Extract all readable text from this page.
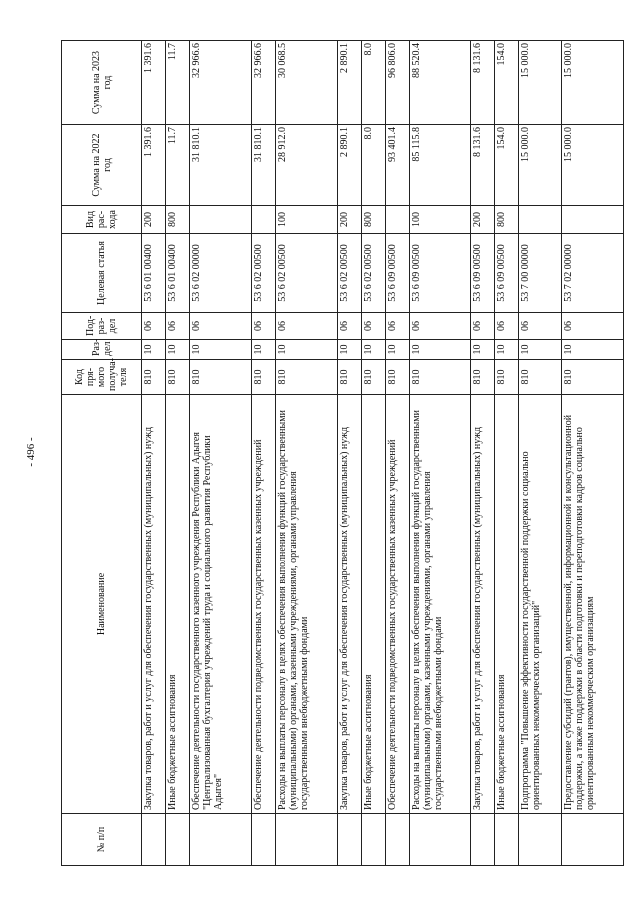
- 496 -
№ п/п	Наименование	Код пря-мого получа-теля	Раз-дел	Под-раз-дел	Целевая статья	Вид рас-хода	Сумма на 2022 год	Сумма на 2023 год
	Закупка товаров, работ и услуг для обеспечения государственных (муниципальных) нужд	810	10	06	53 6 01 00400	200	1 391.6	1 391.6
	Иные бюджетные ассигнования	810	10	06	53 6 01 00400	800	11.7	11.7
	Обеспечение деятельности государственного казенного учреждения Республики Адыгея "Централизованная бухгалтерия учреждений труда и социального развития Республики Адыгея"	810	10	06	53 6 02 00000		31 810.1	32 966.6
	Обеспечение деятельности подведомственных государственных казенных учреждений	810	10	06	53 6 02 00500		31 810.1	32 966.6
	Расходы на выплаты персоналу в целях обеспечения выполнения функций государственными (муниципальными) органами, казенными учреждениями, органами управления государственными внебюджетными фондами	810	10	06	53 6 02 00500	100	28 912.0	30 068.5
	Закупка товаров, работ и услуг для обеспечения государственных (муниципальных) нужд	810	10	06	53 6 02 00500	200	2 890.1	2 890.1
	Иные бюджетные ассигнования	810	10	06	53 6 02 00500	800	8.0	8.0
	Обеспечение деятельности подведомственных государственных казенных учреждений	810	10	06	53 6 09 00500		93 401.4	96 806.0
	Расходы на выплаты персоналу в целях обеспечения выполнения функций государственными (муниципальными) органами, казенными учреждениями, органами управления государственными внебюджетными фондами	810	10	06	53 6 09 00500	100	85 115.8	88 520.4
	Закупка товаров, работ и услуг для обеспечения государственных (муниципальных) нужд	810	10	06	53 6 09 00500	200	8 131.6	8 131.6
	Иные бюджетные ассигнования	810	10	06	53 6 09 00500	800	154.0	154.0
	Подпрограмма "Повышение эффективности государственной поддержки социально ориентированных некоммерческих организаций"	810	10	06	53 7 00 00000		15 000.0	15 000.0
	Предоставление субсидий (грантов), имущественной, информационной и консультационной поддержки, а также поддержки в области подготовки и переподготовки кадров социально ориентированным некоммерческим организациям	810	10	06	53 7 02 00000		15 000.0	15 000.0
